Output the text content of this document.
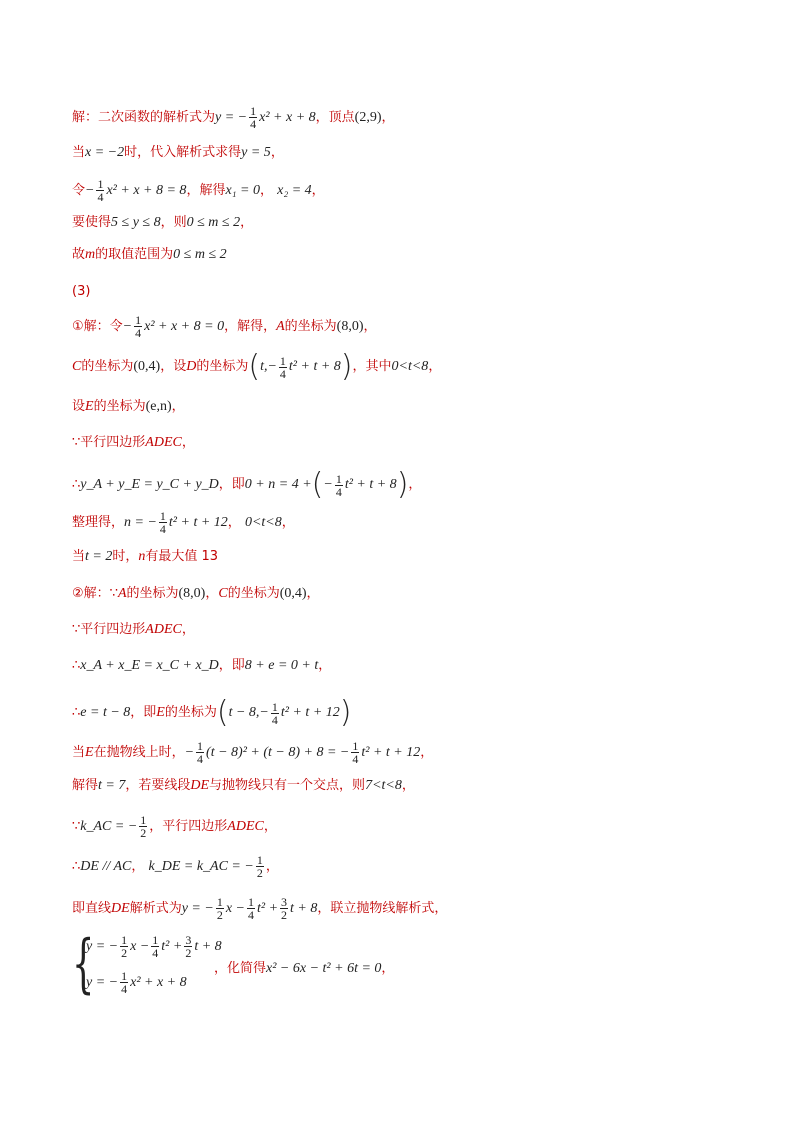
解：二次函数的解析式为 y = − $\frac{1}{4} x^2 + x + 8$ ，顶点 (2,9) ，
当 x = −2 时，代入解析式求得 y = 5 ，
令 − $\frac{1}{4} x^2 + x + 8 = 8$ ，解得 x₁ = 0 ， x₂ = 4 ，
要使得 5 ≤ y ≤ 8 ，则 0 ≤ m ≤ 2 ，
故 m 的取值范围为 0 ≤ m ≤ 2
(3)
①解：令 − $\frac{1}{4} x^2 + x + 8 = 0$ ，解得， A 的坐标为 (8,0) ，
C 的坐标为 (0,4) ，设 D 的坐标为 ( $t,- \frac{1}{4} t^2 + t + 8$ ) ，其中 0<t<8 ，
设 E 的坐标为 (e,n) ，
∵平行四边形 ADEC ，
∴ y_A + y_E = y_C + y_D ，即 0 + n = 4 + ( − $\frac{1}{4} t^2 + t + 8$ ) ，
整理得， n = − $\frac{1}{4} t^2 + t + 12$ ， 0<t<8 ，
当 t = 2 时， n 有最大值 13
②解：∵ A 的坐标为 (8,0) ， C 的坐标为 (0,4) ，
∵平行四边形 ADEC ，
∴ x_A + x_E = x_C + x_D ，即 8 + e = 0 + t ，
∴ e = t − 8 ，即 E 的坐标为 ( $t - 8,- \frac{1}{4} t^2 + t + 12$ )
当 E 在抛物线上时， − $\frac{1}{4} (t - 8)^2 + (t - 8) + 8$ = − $\frac{1}{4} t^2 + t + 12$ ，
解得 t = 7 ，若要线段 DE 与抛物线只有一个交点，则 7<t<8 ，
∵ k_AC = − $\frac{1}{2}$ ，平行四边形 ADEC ，
∴ DE // AC ， k_DE = k_AC = − $\frac{1}{2}$ ，
即直线 DE 解析式为 y = − $\frac{1}{2}$ $x - \frac{1}{4} t^2 + \frac{3}{2}$ t + 8 ，联立抛物线解析式，
{
y = − $\frac{1}{2}$ $x - \frac{1}{4} t^2 + \frac{3}{2}$ t + 8
y = − $\frac{1}{4} x^2 + x + 8$
，化简得 x² − 6x − t² + 6t = 0 ，
